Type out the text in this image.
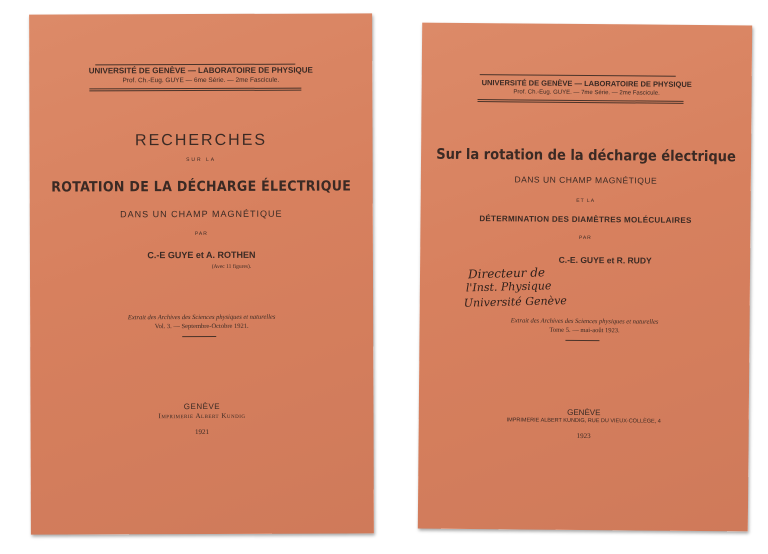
UNIVERSITÉ DE GENÈVE — LABORATOIRE DE PHYSIQUE
Prof. Ch.-Eug. GUYE — 6me Série. — 2me Fascicule.
RECHERCHES
SUR LA
ROTATION DE LA DÉCHARGE ÉLECTRIQUE
DANS UN CHAMP MAGNÉTIQUE
PAR
C.-E GUYE et A. ROTHEN
(Avec 11 figures).
Extrait des Archives des Sciences physiques et naturelles
Vol. 3. — Septembre-Octobre 1921.
GENÈVE
Imprimerie Albert Kundig
1921
UNIVERSITÉ DE GENÈVE — LABORATOIRE DE PHYSIQUE
Prof. Ch.-Eug. GUYE. — 7me Série. — 2me Fascicule.
Sur la rotation de la décharge électrique
DANS UN CHAMP MAGNÉTIQUE
ET LA
DÉTERMINATION DES DIAMÈTRES MOLÉCULAIRES
PAR
C.-E. GUYE et R. RUDY
Directeur de
l'Inst. Physique
Université Genève
Extrait des Archives des Sciences physiques et naturelles
Tome 5. — mai-août 1923.
GENÈVE
IMPRIMERIE ALBERT KUNDIG, RUE DU VIEUX-COLLÈGE, 4
1923
